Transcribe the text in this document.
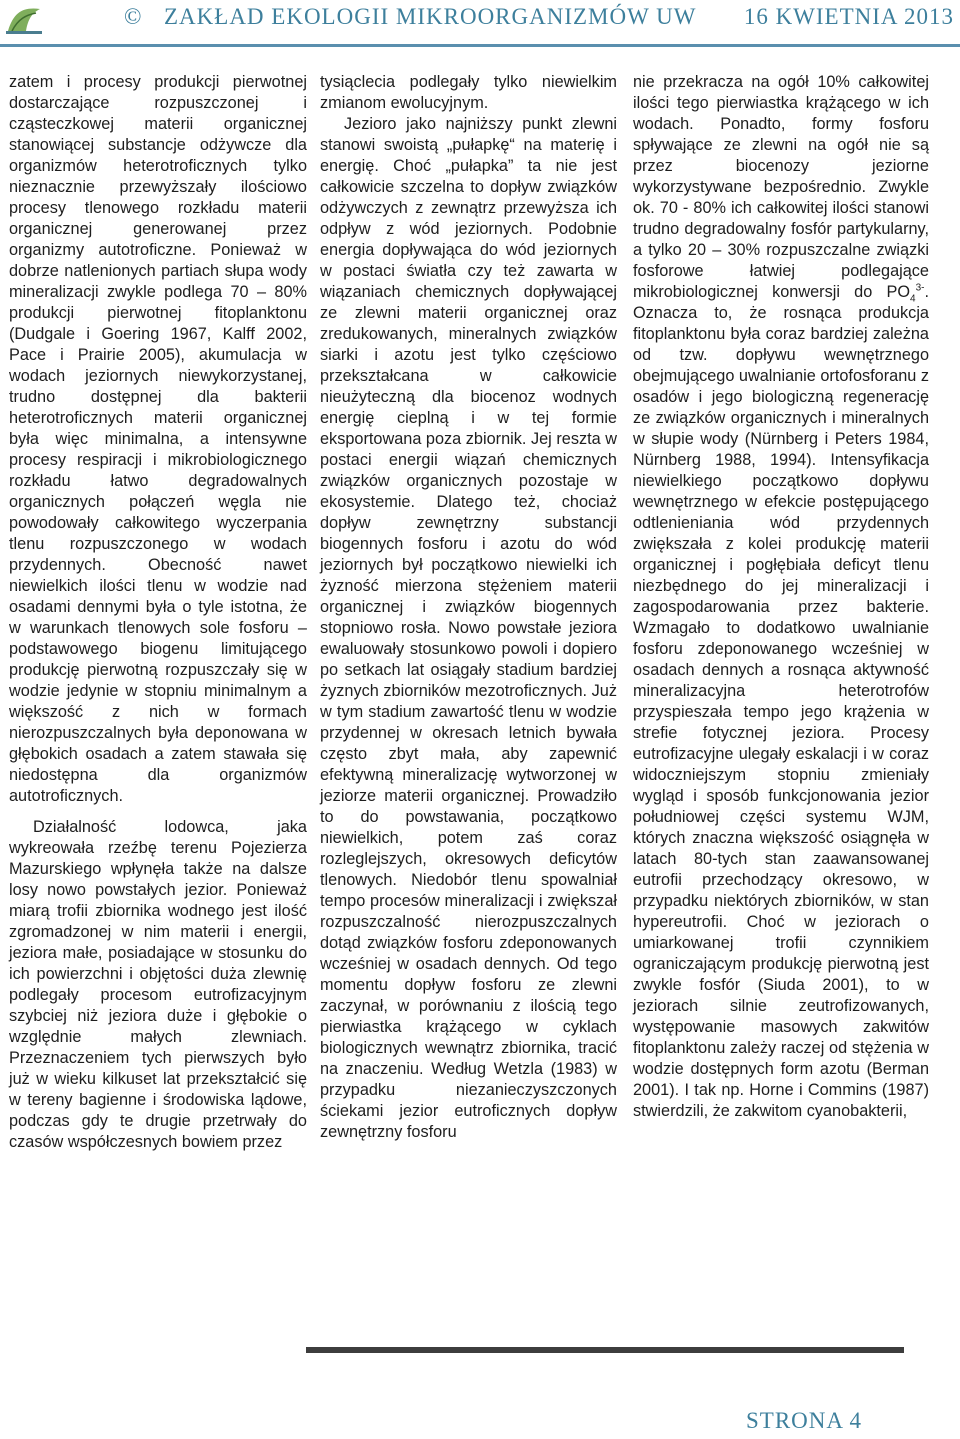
© ZAKŁAD EKOLOGII MIKROORGANIZMÓW UW 16 KWIETNIA 2013

zatem i procesy produkcji pierwotnej dostarczające rozpuszczonej i cząsteczkowej materii organicznej stanowiącej substancje odżywcze dla organizmów heterotroficznych tylko nieznacznie przewyższały ilościowo procesy tlenowego rozkładu materii organicznej generowanej przez organizmy autotroficzne. Ponieważ w dobrze natlenionych partiach słupa wody mineralizacji zwykle podlega 70 – 80% produkcji pierwotnej fitoplanktonu (Dudgale i Goering 1967, Kalff 2002, Pace i Prairie 2005), akumulacja w wodach jeziornych niewykorzystanej, trudno dostępnej dla bakterii heterotroficznych materii organicznej była więc minimalna, a intensywne procesy respiracji i mikrobiologicznego rozkładu łatwo degradowalnych organicznych połączeń węgla nie powodowały całkowitego wyczerpania tlenu rozpuszczonego w wodach przydennych. Obecność nawet niewielkich ilości tlenu w wodzie nad osadami dennymi była o tyle istotna, że w warunkach tlenowych sole fosforu – podstawowego biogenu limitującego produkcję pierwotną rozpuszczały się w wodzie jedynie w stopniu minimalnym a większość z nich w formach nierozpuszczalnych była deponowana w głębokich osadach a zatem stawała się niedostępna dla organizmów autotroficznych.

Działalność lodowca, jaka wykreowała rzeźbę terenu Pojezierza Mazurskiego wpłynęła także na dalsze losy nowo powstałych jezior. Ponieważ miarą trofii zbiornika wodnego jest ilość zgromadzonej w nim materii i energii, jeziora małe, posiadające w stosunku do ich powierzchni i objętości duża zlewnię podlegały procesom eutrofizacyjnym szybciej niż jeziora duże i głębokie o względnie małych zlewniach. Przeznaczeniem tych pierwszych było już w wieku kilkuset lat przekształcić się w tereny bagienne i środowiska lądowe, podczas gdy te drugie przetrwały do czasów współczesnych bowiem przez

tysiąclecia podlegały tylko niewielkim zmianom ewolucyjnym.

Jezioro jako najniższy punkt zlewni stanowi swoistą „pułapkę“ na materię i energię. Choć „pułapka” ta nie jest całkowicie szczelna to dopływ związków odżywczych z zewnątrz przewyższa ich odpływ z wód jeziornych. Podobnie energia dopływająca do wód jeziornych w postaci światła czy też zawarta w wiązaniach chemicznych dopływającej ze zlewni materii organicznej oraz zredukowanych, mineralnych związków siarki i azotu jest tylko częściowo przekształcana w całkowicie nieużyteczną dla biocenoz wodnych energię cieplną i w tej formie eksportowana poza zbiornik. Jej reszta w postaci energii wiązań chemicznych związków organicznych pozostaje w ekosystemie. Dlatego też, chociaż dopływ zewnętrzny substancji biogennych fosforu i azotu do wód jeziornych był początkowo niewielki ich żyzność mierzona stężeniem materii organicznej i związków biogennych stopniowo rosła. Nowo powstałe jeziora ewaluowały stosunkowo powoli i dopiero po setkach lat osiągały stadium bardziej żyznych zbiorników mezotroficznych. Już w tym stadium zawartość tlenu w wodzie przydennej w okresach letnich bywała często zbyt mała, aby zapewnić efektywną mineralizację wytworzonej w jeziorze materii organicznej. Prowadziło to do powstawania, początkowo niewielkich, potem zaś coraz rozleglejszych, okresowych deficytów tlenowych. Niedobór tlenu spowalniał tempo procesów mineralizacji i zwiększał rozpuszczalność nierozpuszczalnych dotąd związków fosforu zdeponowanych wcześniej w osadach dennych. Od tego momentu dopływ fosforu ze zlewni zaczynał, w porównaniu z ilością tego pierwiastka krążącego w cyklach biologicznych wewnątrz zbiornika, tracić na znaczeniu. Według Wetzla (1983) w przypadku niezanieczyszczonych ściekami jezior eutroficznych dopływ zewnętrzny fosforu

nie przekracza na ogół 10% całkowitej ilości tego pierwiastka krążącego w ich wodach. Ponadto, formy fosforu spływające ze zlewni na ogół nie są przez biocenozy jeziorne wykorzystywane bezpośrednio. Zwykle ok. 70 - 80% ich całkowitej ilości stanowi trudno degradowalny fosfór partykularny, a tylko 20 – 30% rozpuszczalne związki fosforowe łatwiej podlegające mikrobiologicznej konwersji do $PO_4^{3-}$. Oznacza to, że rosnąca produkcja fitoplanktonu była coraz bardziej zależna od tzw. dopływu wewnętrznego obejmującego uwalnianie ortofosforanu z osadów i jego biologiczną regenerację ze związków organicznych i mineralnych w słupie wody (Nürnberg i Peters 1984, Nürnberg 1988, 1994). Intensyfikacja niewielkiego początkowo dopływu wewnętrznego w efekcie postępującego odtlenieniania wód przydennych zwiększała z kolei produkcję materii organicznej i pogłębiała deficyt tlenu niezbędnego do jej mineralizacji i zagospodarowania przez bakterie. Wzmagało to dodatkowo uwalnianie fosforu zdeponowanego wcześniej w osadach dennych a rosnąca aktywność mineralizacyjna heterotrofów przyspieszała tempo jego krążenia w strefie fotycznej jeziora. Procesy eutrofizacyjne ulegały eskalacji i w coraz widoczniejszym stopniu zmieniały wygląd i sposób funkcjonowania jezior południowej części systemu WJM, których znaczna większość osiągnęła w latach 80-tych stan zaawansowanej eutrofii przechodzący okresowo, w przypadku niektórych zbiorników, w stan hypereutrofii. Choć w jeziorach o umiarkowanej trofii czynnikiem ograniczającym produkcję pierwotną jest zwykle fosfór (Siuda 2001), to w jeziorach silnie zeutrofizowanych, występowanie masowych zakwitów fitoplanktonu zależy raczej od stężenia w wodzie dostępnych form azotu (Berman 2001). I tak np. Horne i Commins (1987) stwierdzili, że zakwitom cyanobakterii,

STRONA 4
